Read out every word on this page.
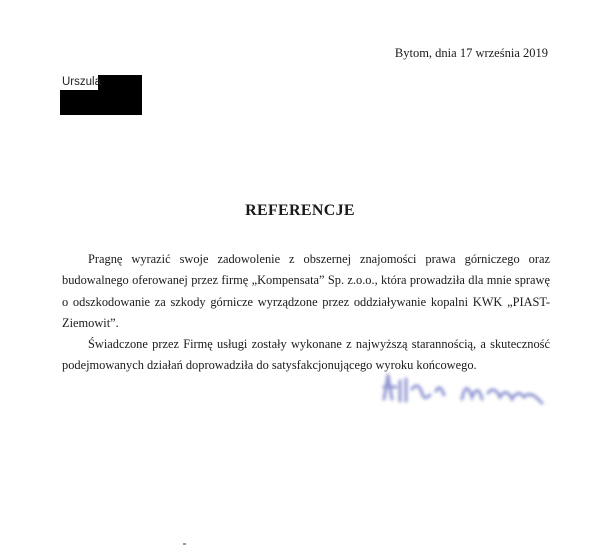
Bytom, dnia 17 września 2019
Urszula
REFERENCJE

Pragnę wyrazić swoje zadowolenie z obszernej znajomości prawa górniczego oraz budowalnego oferowanej przez firmę „Kompensata” Sp. z.o.o., która prowadziła dla mnie sprawę o odszkodowanie za szkody górnicze wyrządzone przez oddziaływanie kopalni KWK „PIAST-Ziemowit”.

Świadczone przez Firmę usługi zostały wykonane z najwyższą starannością, a skuteczność podejmowanych działań doprowadziła do satysfakcjonującego wyroku końcowego.
